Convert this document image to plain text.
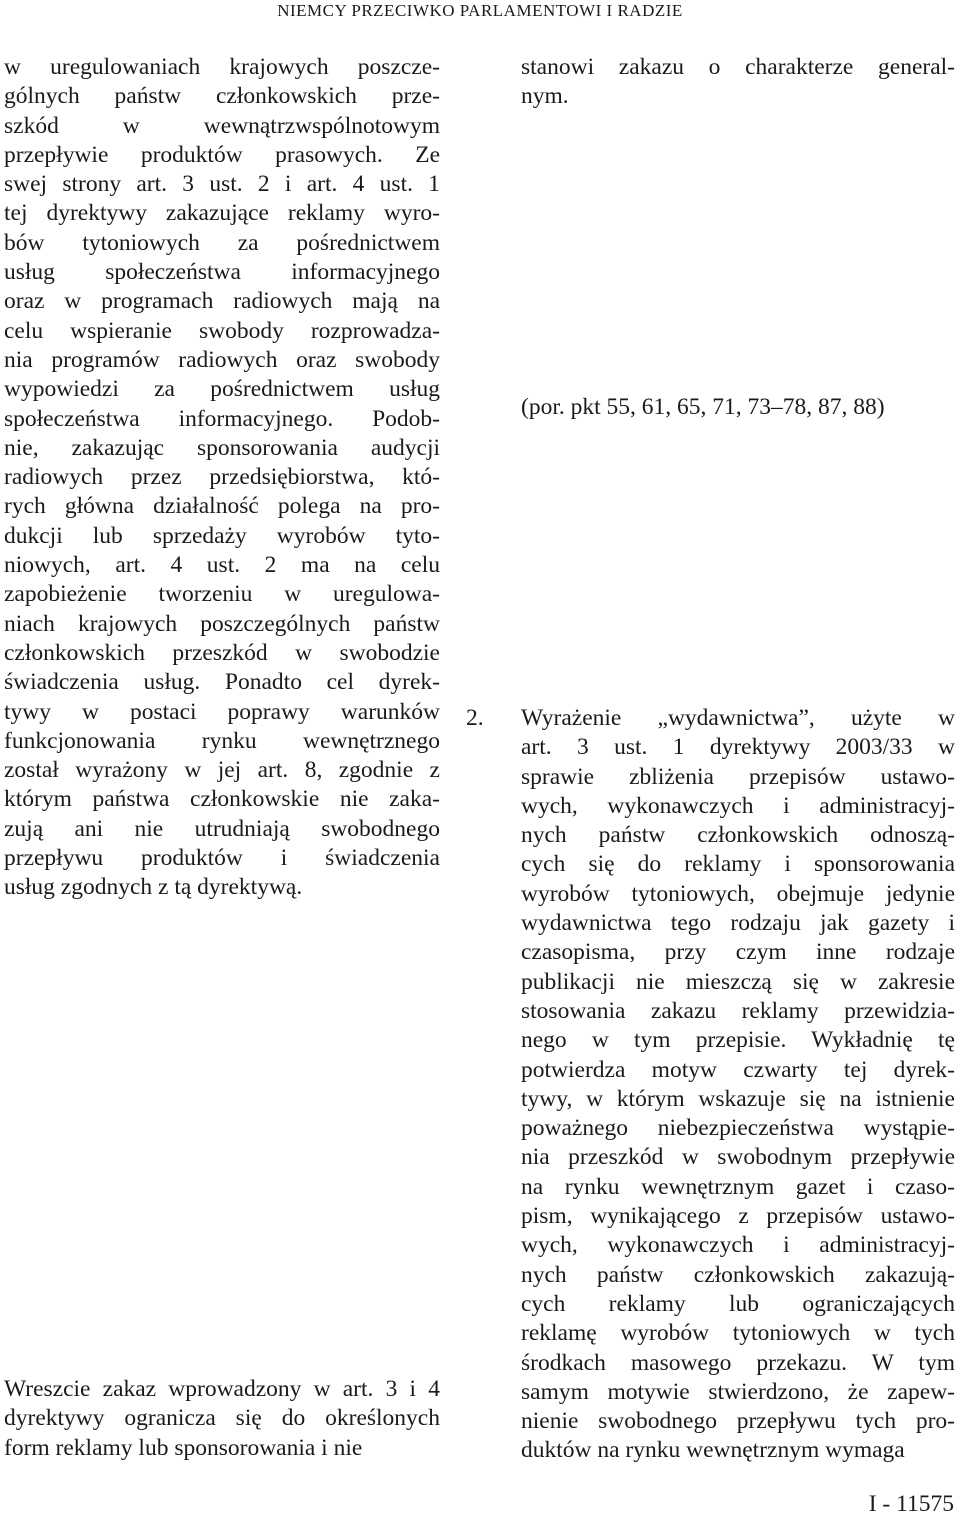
NIEMCY PRZECIWKO PARLAMENTOWI I RADZIE
w uregulowaniach krajowych poszcze-
gólnych państw członkowskich prze-
szkód w wewnątrzwspólnotowym
przepływie produktów prasowych. Ze
swej strony art. 3 ust. 2 i art. 4 ust. 1
tej dyrektywy zakazujące reklamy wyro-
bów tytoniowych za pośrednictwem
usług społeczeństwa informacyjnego
oraz w programach radiowych mają na
celu wspieranie swobody rozprowadza-
nia programów radiowych oraz swobody
wypowiedzi za pośrednictwem usług
społeczeństwa informacyjnego. Podob-
nie, zakazując sponsorowania audycji
radiowych przez przedsiębiorstwa, któ-
rych główna działalność polega na pro-
dukcji lub sprzedaży wyrobów tyto-
niowych, art. 4 ust. 2 ma na celu
zapobieżenie tworzeniu w uregulowa-
niach krajowych poszczególnych państw
członkowskich przeszkód w swobodzie
świadczenia usług. Ponadto cel dyrek-
tywy w postaci poprawy warunków
funkcjonowania rynku wewnętrznego
został wyrażony w jej art. 8, zgodnie z
którym państwa członkowskie nie zaka-
zują ani nie utrudniają swobodnego
przepływu produktów i świadczenia
usług zgodnych z tą dyrektywą.
Wreszcie zakaz wprowadzony w art. 3 i 4
dyrektywy ogranicza się do określonych
form reklamy lub sponsorowania i nie
stanowi zakazu o charakterze general-
nym.
(por. pkt 55, 61, 65, 71, 73–78, 87, 88)
2. Wyrażenie „wydawnictwa”, użyte w
art. 3 ust. 1 dyrektywy 2003/33 w
sprawie zbliżenia przepisów ustawo-
wych, wykonawczych i administracyj-
nych państw członkowskich odnoszą-
cych się do reklamy i sponsorowania
wyrobów tytoniowych, obejmuje jedynie
wydawnictwa tego rodzaju jak gazety i
czasopisma, przy czym inne rodzaje
publikacji nie mieszczą się w zakresie
stosowania zakazu reklamy przewidzia-
nego w tym przepisie. Wykładnię tę
potwierdza motyw czwarty tej dyrek-
tywy, w którym wskazuje się na istnienie
poważnego niebezpieczeństwa wystąpie-
nia przeszkód w swobodnym przepływie
na rynku wewnętrznym gazet i czaso-
pism, wynikającego z przepisów ustawo-
wych, wykonawczych i administracyj-
nych państw członkowskich zakazują-
cych reklamy lub ograniczających
reklamę wyrobów tytoniowych w tych
środkach masowego przekazu. W tym
samym motywie stwierdzono, że zapew-
nienie swobodnego przepływu tych pro-
duktów na rynku wewnętrznym wymaga
I - 11575
